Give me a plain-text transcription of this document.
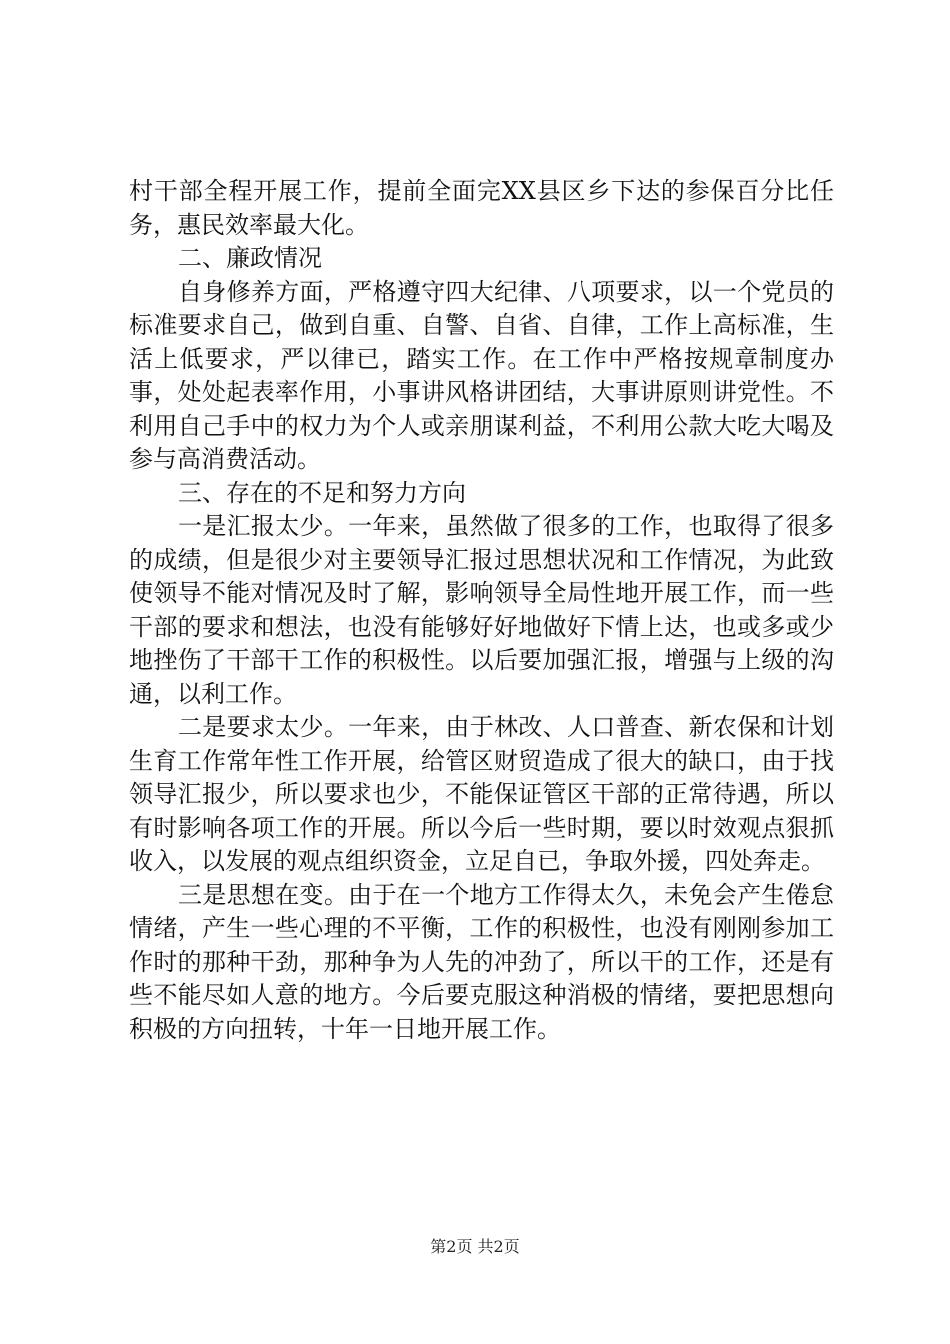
村干部全程开展工作，提前全面完XX县区乡下达的参保百分比任务，惠民效率最大化。

二、廉政情况

自身修养方面，严格遵守四大纪律、八项要求，以一个党员的标准要求自己，做到自重、自警、自省、自律，工作上高标准，生活上低要求，严以律已，踏实工作。在工作中严格按规章制度办事，处处起表率作用，小事讲风格讲团结，大事讲原则讲党性。不利用自己手中的权力为个人或亲朋谋利益，不利用公款大吃大喝及参与高消费活动。

三、存在的不足和努力方向

一是汇报太少。一年来，虽然做了很多的工作，也取得了很多的成绩，但是很少对主要领导汇报过思想状况和工作情况，为此致使领导不能对情况及时了解，影响领导全局性地开展工作，而一些干部的要求和想法，也没有能够好好地做好下情上达，也或多或少地挫伤了干部干工作的积极性。以后要加强汇报，增强与上级的沟通，以利工作。

二是要求太少。一年来，由于林改、人口普查、新农保和计划生育工作常年性工作开展，给管区财贸造成了很大的缺口，由于找领导汇报少，所以要求也少，不能保证管区干部的正常待遇，所以有时影响各项工作的开展。所以今后一些时期，要以时效观点狠抓收入，以发展的观点组织资金，立足自已，争取外援，四处奔走。

三是思想在变。由于在一个地方工作得太久，未免会产生倦怠情绪，产生一些心理的不平衡，工作的积极性，也没有刚刚参加工作时的那种干劲，那种争为人先的冲劲了，所以干的工作，还是有些不能尽如人意的地方。今后要克服这种消极的情绪，要把思想向积极的方向扭转，十年一日地开展工作。

第2页 共2页
